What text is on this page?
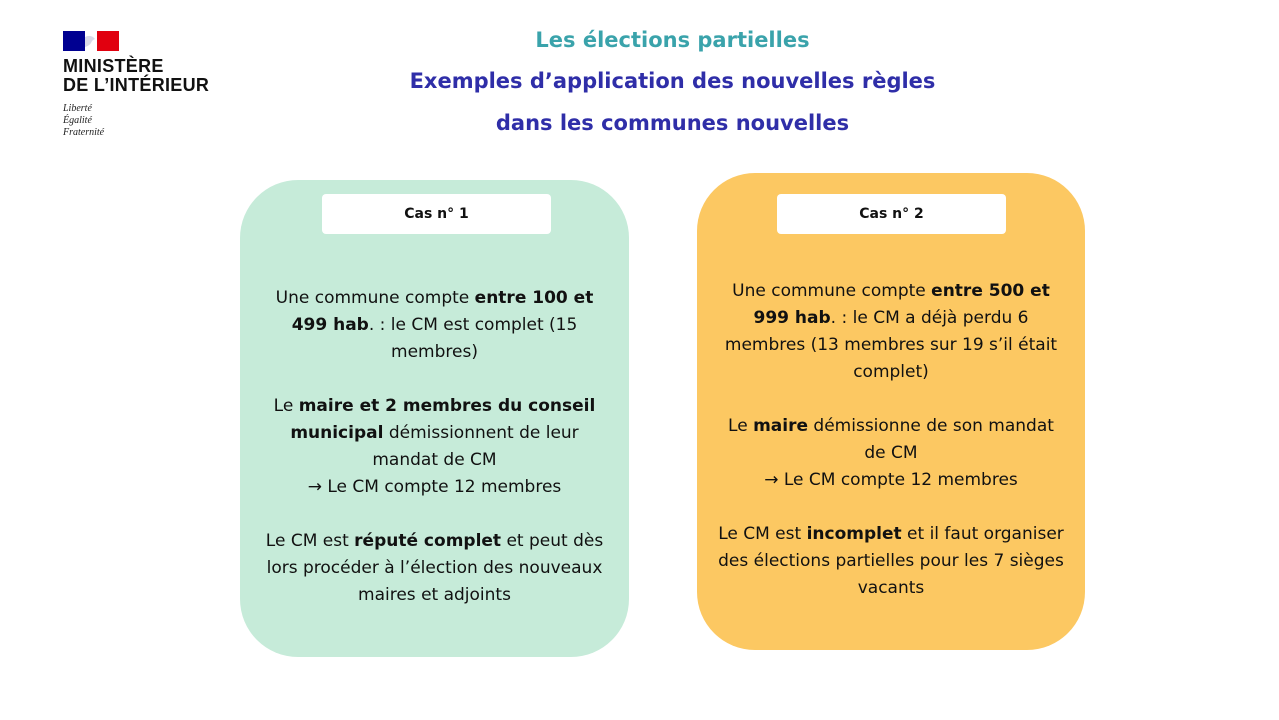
MINISTÈRE
DE L’INTÉRIEUR
Liberté
Égalité
Fraternité
Les élections partielles
Exemples d’application des nouvelles règles
dans les communes nouvelles
Cas n° 1

Une commune compte entre 100 et 499 hab. : le CM est complet (15 membres)

Le maire et 2 membres du conseil municipal démissionnent de leur mandat de CM
→ Le CM compte 12 membres

Le CM est réputé complet et peut dès lors procéder à l’élection des nouveaux maires et adjoints

Cas n° 2

Une commune compte entre 500 et 999 hab. : le CM a déjà perdu 6 membres (13 membres sur 19 s’il était complet)

Le maire démissionne de son mandat de CM
→ Le CM compte 12 membres

Le CM est incomplet et il faut organiser des élections partielles pour les 7 sièges vacants
